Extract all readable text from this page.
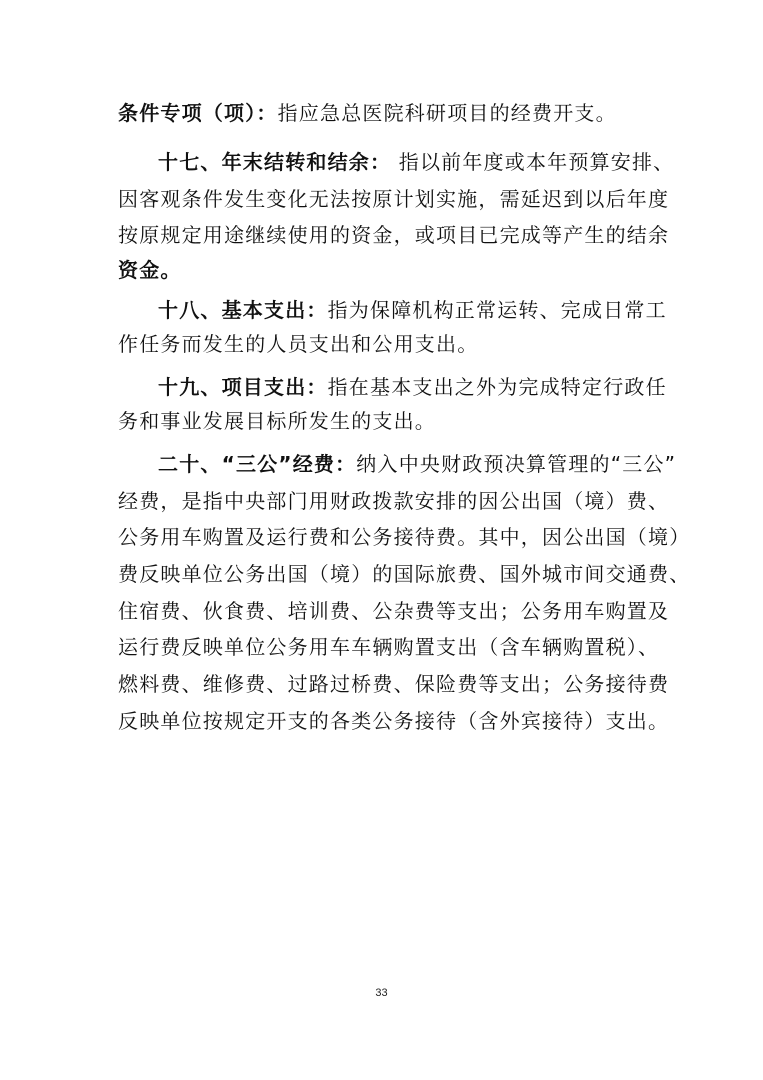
条件专项（项）：指应急总医院科研项目的经费开支。
十七、年末结转和结余： 指以前年度或本年预算安排、
因客观条件发生变化无法按原计划实施，需延迟到以后年度
按原规定用途继续使用的资金，或项目已完成等产生的结余
资金。
十八、基本支出：指为保障机构正常运转、完成日常工
作任务而发生的人员支出和公用支出。
十九、项目支出：指在基本支出之外为完成特定行政任
务和事业发展目标所发生的支出。
二十、“三公”经费：纳入中央财政预决算管理的“三公”
经费，是指中央部门用财政拨款安排的因公出国（境）费、
公务用车购置及运行费和公务接待费。其中，因公出国（境）
费反映单位公务出国（境）的国际旅费、国外城市间交通费、
住宿费、伙食费、培训费、公杂费等支出；公务用车购置及
运行费反映单位公务用车车辆购置支出（含车辆购置税）、
燃料费、维修费、过路过桥费、保险费等支出；公务接待费
反映单位按规定开支的各类公务接待（含外宾接待）支出。
33
